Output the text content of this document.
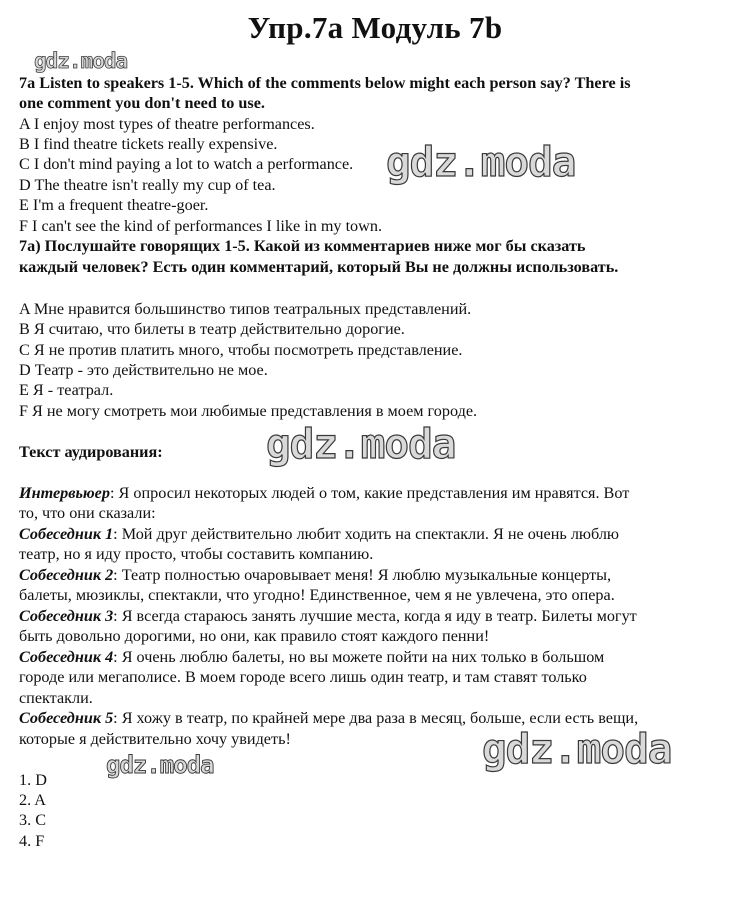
Упр.7а Модуль 7b
gdz.moda
gdz.moda
gdz.moda
gdz.moda
gdz.moda
7a Listen to speakers 1-5. Which of the comments below might each person say? There is
one comment you don't need to use.
A I enjoy most types of theatre performances.
B I find theatre tickets really expensive.
C I don't mind paying a lot to watch a performance.
D The theatre isn't really my cup of tea.
E I'm a frequent theatre-goer.
F I can't see the kind of performances I like in my town.
7а) Послушайте говорящих 1-5. Какой из комментариев ниже мог бы сказать
каждый человек? Есть один комментарий, который Вы не должны использовать.
A Мне нравится большинство типов театральных представлений.
B Я считаю, что билеты в театр действительно дорогие.
C Я не против платить много, чтобы посмотреть представление.
D Театр - это действительно не мое.
E Я - театрал.
F Я не могу смотреть мои любимые представления в моем городе.
Текст аудирования:
Интервьюер: Я опросил некоторых людей о том, какие представления им нравятся. Вот
то, что они сказали:
Собеседник 1: Мой друг действительно любит ходить на спектакли. Я не очень люблю
театр, но я иду просто, чтобы составить компанию.
Собеседник 2: Театр полностью очаровывает меня! Я люблю музыкальные концерты,
балеты, мюзиклы, спектакли, что угодно! Единственное, чем я не увлечена, это опера.
Собеседник 3: Я всегда стараюсь занять лучшие места, когда я иду в театр. Билеты могут
быть довольно дорогими, но они, как правило стоят каждого пенни!
Собеседник 4: Я очень люблю балеты, но вы можете пойти на них только в большом
городе или мегаполисе. В моем городе всего лишь один театр, и там ставят только
спектакли.
Собеседник 5: Я хожу в театр, по крайней мере два раза в месяц, больше, если есть вещи,
которые я действительно хочу увидеть!
1. D
2. A
3. C
4. F
